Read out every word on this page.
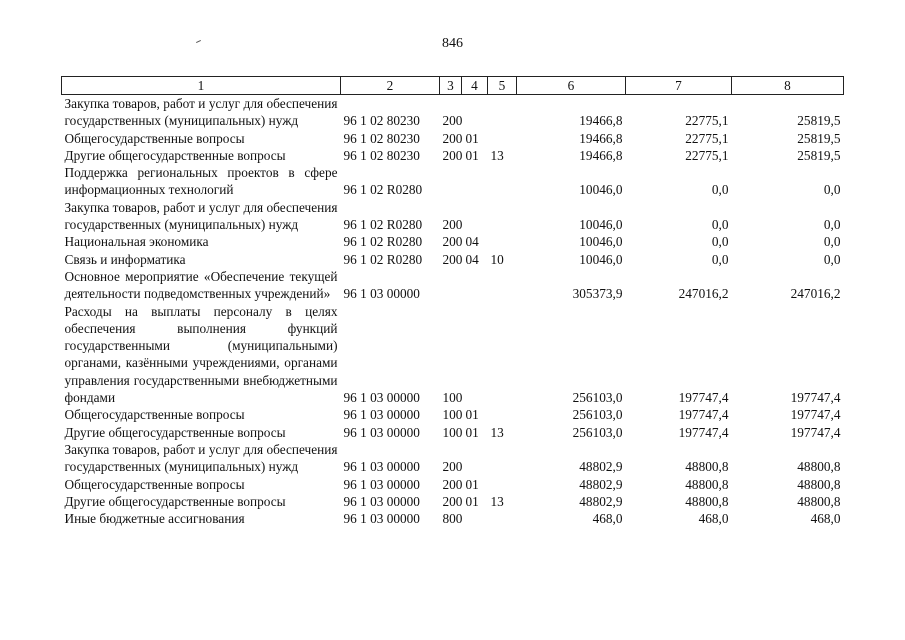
846
1	2	3	4	5	6	7	8
Закупка товаров, работ и услуг для обеспечения государственных (муниципальных) нужд	96 1 02 80230	200			19466,8	22775,1	25819,5
Общегосударственные вопросы	96 1 02 80230	200	01		19466,8	22775,1	25819,5
Другие общегосударственные вопросы	96 1 02 80230	200	01	13	19466,8	22775,1	25819,5
Поддержка региональных проектов в сфере информационных технологий	96 1 02 R0280				10046,0	0,0	0,0
Закупка товаров, работ и услуг для обеспечения государственных (муниципальных) нужд	96 1 02 R0280	200			10046,0	0,0	0,0
Национальная экономика	96 1 02 R0280	200	04		10046,0	0,0	0,0
Связь и информатика	96 1 02 R0280	200	04	10	10046,0	0,0	0,0
Основное мероприятие «Обеспечение текущей деятельности подведомственных учреждений»	96 1 03 00000				305373,9	247016,2	247016,2
Расходы на выплаты персоналу в целях обеспечения выполнения функций государственными (муниципальными) органами, казёнными учреждениями, органами управления государственными внебюджетными фондами	96 1 03 00000	100			256103,0	197747,4	197747,4
Общегосударственные вопросы	96 1 03 00000	100	01		256103,0	197747,4	197747,4
Другие общегосударственные вопросы	96 1 03 00000	100	01	13	256103,0	197747,4	197747,4
Закупка товаров, работ и услуг для обеспечения государственных (муниципальных) нужд	96 1 03 00000	200			48802,9	48800,8	48800,8
Общегосударственные вопросы	96 1 03 00000	200	01		48802,9	48800,8	48800,8
Другие общегосударственные вопросы	96 1 03 00000	200	01	13	48802,9	48800,8	48800,8
Иные бюджетные ассигнования	96 1 03 00000	800			468,0	468,0	468,0
